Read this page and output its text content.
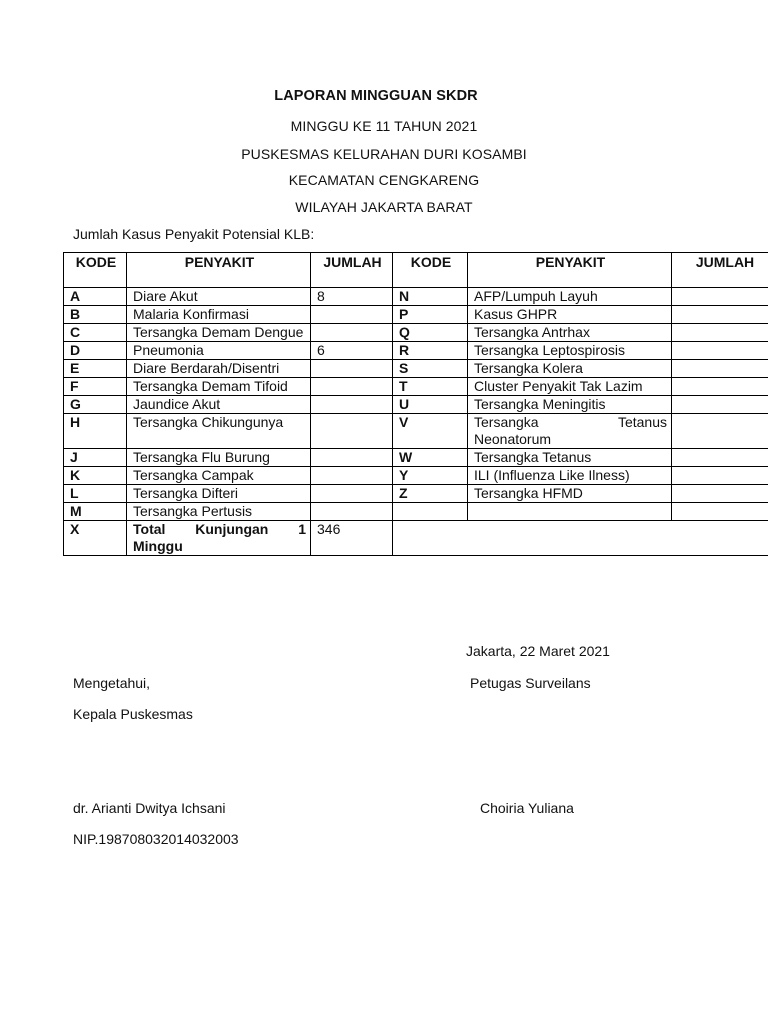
LAPORAN MINGGUAN SKDR
MINGGU KE 11 TAHUN 2021
PUSKESMAS KELURAHAN DURI KOSAMBI
KECAMATAN CENGKARENG
WILAYAH JAKARTA BARAT
Jumlah Kasus Penyakit Potensial KLB:
KODE	PENYAKIT	JUMLAH	KODE	PENYAKIT	JUMLAH
A	Diare Akut	8	N	AFP/Lumpuh Layuh	
B	Malaria Konfirmasi		P	Kasus GHPR	
C	Tersangka Demam Dengue		Q	Tersangka Antrhax	
D	Pneumonia	6	R	Tersangka Leptospirosis	
E	Diare Berdarah/Disentri		S	Tersangka Kolera	
F	Tersangka Demam Tifoid		T	Cluster Penyakit Tak Lazim	
G	Jaundice Akut		U	Tersangka Meningitis	
H	Tersangka Chikungunya		V	Tersangka Tetanus Neonatorum	
J	Tersangka Flu Burung		W	Tersangka Tetanus	
K	Tersangka Campak		Y	ILI (Influenza Like Ilness)	
L	Tersangka Difteri		Z	Tersangka HFMD	
M	Tersangka Pertusis				
X	Total Kunjungan 1 Minggu	346			
Jakarta, 22 Maret 2021
Mengetahui,	Petugas Surveilans
Kepala Puskesmas
dr. Arianti Dwitya Ichsani	Choiria Yuliana
NIP.198708032014032003
